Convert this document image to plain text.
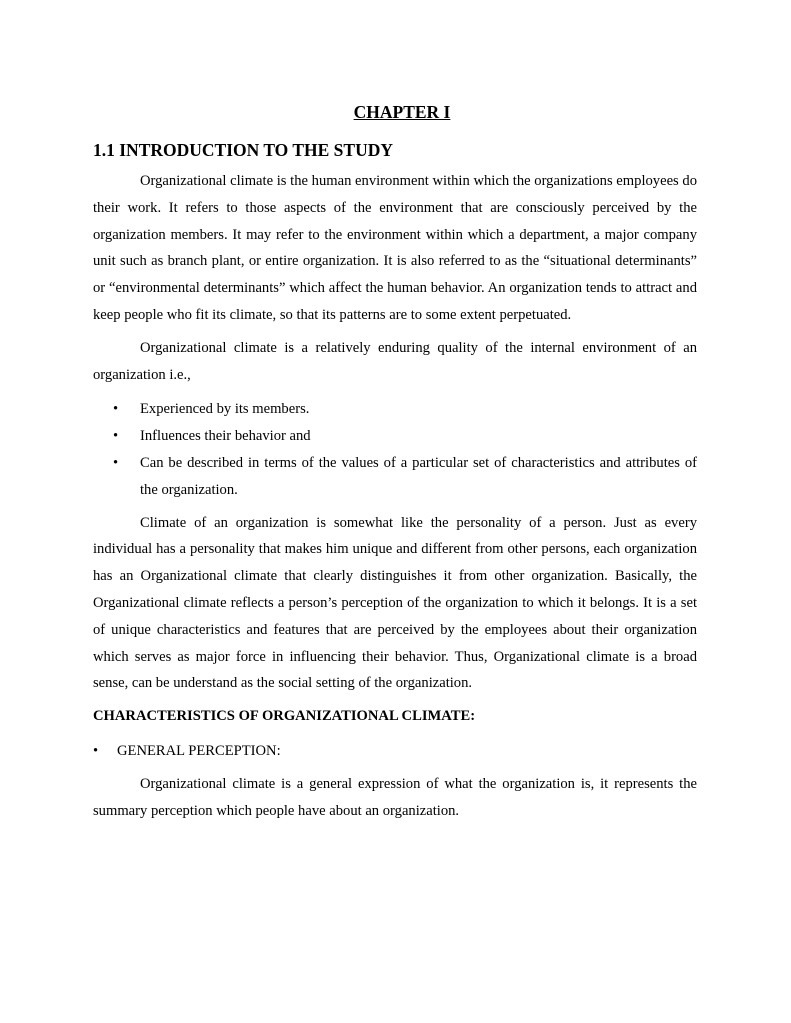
CHAPTER I
1.1 INTRODUCTION TO THE STUDY

Organizational climate is the human environment within which the organizations employees do their work. It refers to those aspects of the environment that are consciously perceived by the organization members. It may refer to the environment within which a department, a major company unit such as branch plant, or entire organization. It is also referred to as the “situational determinants” or “environmental determinants” which affect the human behavior. An organization tends to attract and keep people who fit its climate, so that its patterns are to some extent perpetuated.

Organizational climate is a relatively enduring quality of the internal environment of an organization i.e.,

• Experienced by its members.
• Influences their behavior and
• Can be described in terms of the values of a particular set of characteristics and attributes of the organization.

Climate of an organization is somewhat like the personality of a person. Just as every individual has a personality that makes him unique and different from other persons, each organization has an Organizational climate that clearly distinguishes it from other organization. Basically, the Organizational climate reflects a person’s perception of the organization to which it belongs. It is a set of unique characteristics and features that are perceived by the employees about their organization which serves as major force in influencing their behavior. Thus, Organizational climate is a broad sense, can be understand as the social setting of the organization.

CHARACTERISTICS OF ORGANIZATIONAL CLIMATE:
• GENERAL PERCEPTION:

Organizational climate is a general expression of what the organization is, it represents the summary perception which people have about an organization.
